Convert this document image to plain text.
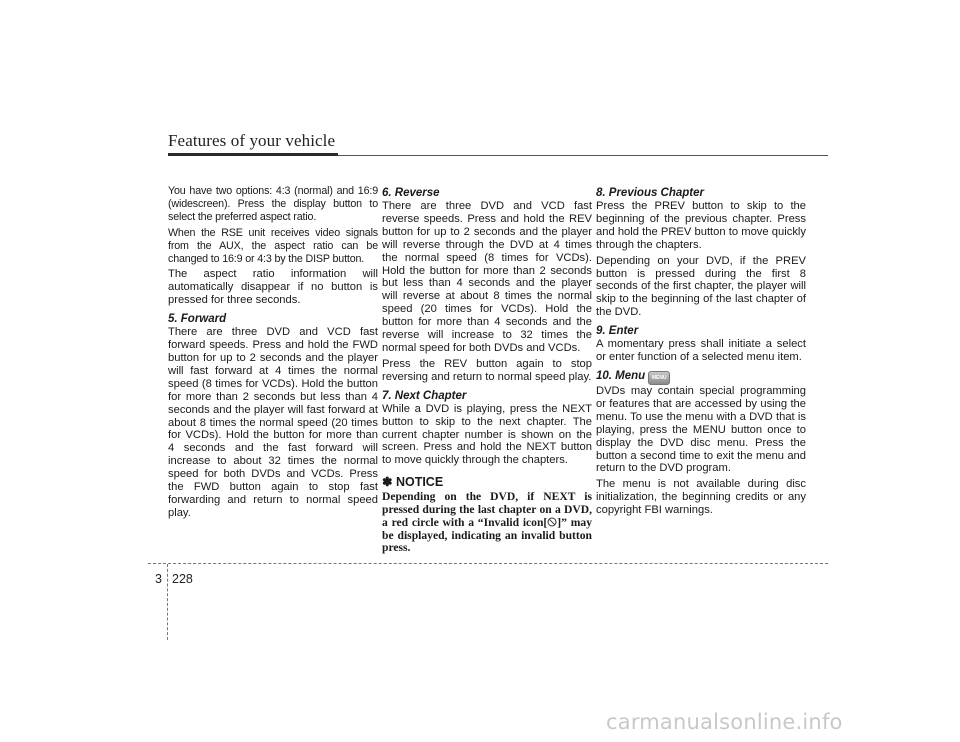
Features of your vehicle

You have two options: 4:3 (normal) and 16:9 (widescreen). Press the display button to select the preferred aspect ratio.

When the RSE unit receives video signals from the AUX, the aspect ratio can be changed to 16:9 or 4:3 by the DISP button.

The aspect ratio information will automatically disappear if no button is pressed for three seconds.

5. Forward

There are three DVD and VCD fast forward speeds. Press and hold the FWD button for up to 2 seconds and the player will fast forward at 4 times the normal speed (8 times for VCDs). Hold the button for more than 2 seconds but less than 4 seconds and the player will fast forward at about 8 times the normal speed (20 times for VCDs). Hold the button for more than 4 seconds and the fast forward will increase to about 32 times the normal speed for both DVDs and VCDs. Press the FWD button again to stop fast forwarding and return to normal speed play.

6. Reverse

There are three DVD and VCD fast reverse speeds. Press and hold the REV button for up to 2 seconds and the player will reverse through the DVD at 4 times the normal speed (8 times for VCDs). Hold the button for more than 2 seconds but less than 4 seconds and the player will reverse at about 8 times the normal speed (20 times for VCDs). Hold the button for more than 4 seconds and the reverse will increase to 32 times the normal speed for both DVDs and VCDs.

Press the REV button again to stop reversing and return to normal speed play.

7. Next Chapter

While a DVD is playing, press the NEXT button to skip to the next chapter. The current chapter number is shown on the screen. Press and hold the NEXT button to move quickly through the chapters.

✽ NOTICE

Depending on the DVD, if NEXT is pressed during the last chapter on a DVD, a red circle with a “Invalid icon[ ]” may be displayed, indicating an invalid button press.

8. Previous Chapter

Press the PREV button to skip to the beginning of the previous chapter. Press and hold the PREV button to move quickly through the chapters.

Depending on your DVD, if the PREV button is pressed during the first 8 seconds of the first chapter, the player will skip to the beginning of the last chapter of the DVD.

9. Enter

A momentary press shall initiate a select or enter function of a selected menu item.

10. Menu MENU

DVDs may contain special programming or features that are accessed by using the menu. To use the menu with a DVD that is playing, press the MENU button once to display the DVD disc menu. Press the button a second time to exit the menu and return to the DVD program.

The menu is not available during disc initialization, the beginning credits or any copyright FBI warnings.

3 228
carmanualsonline.info
